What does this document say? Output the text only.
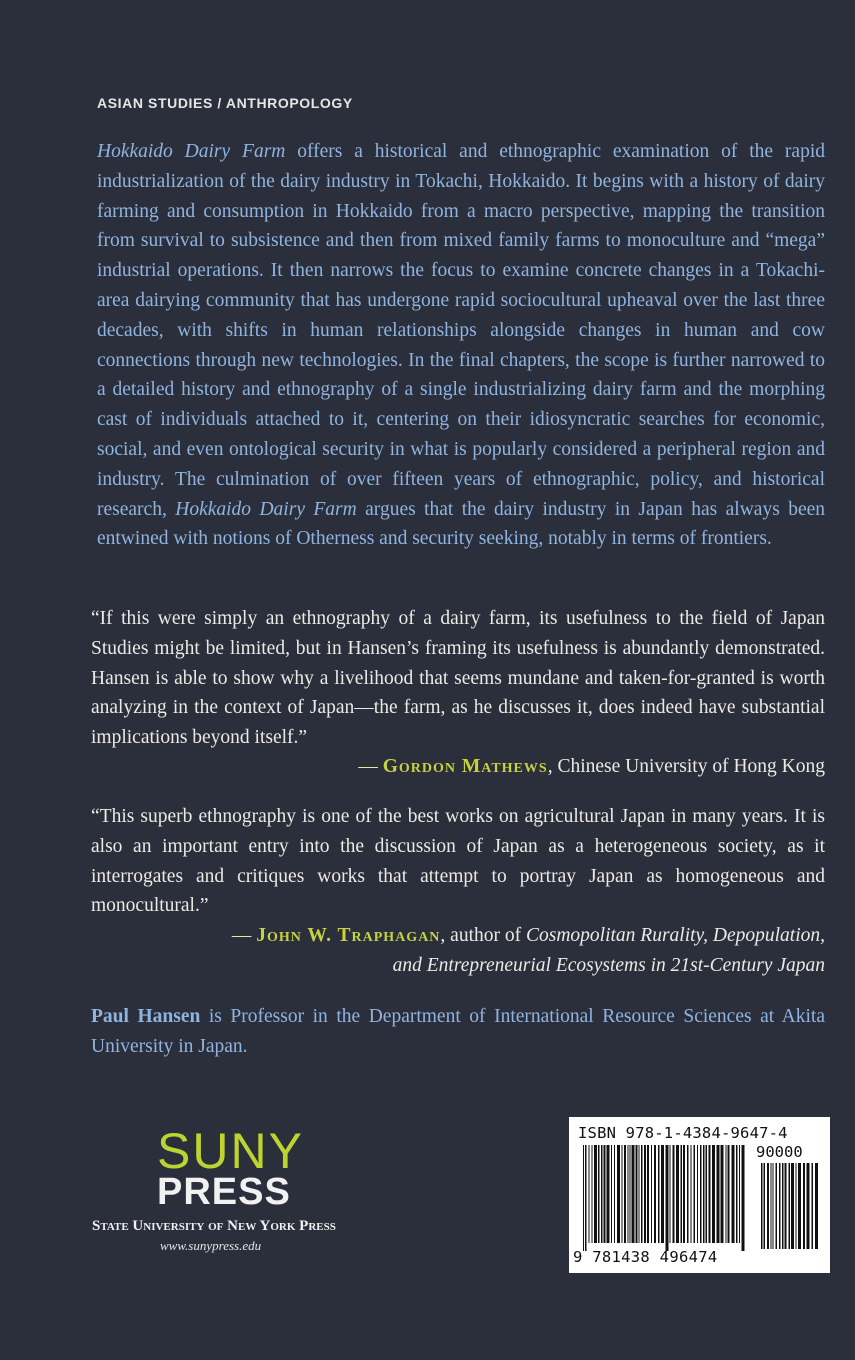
ASIAN STUDIES / ANTHROPOLOGY

Hokkaido Dairy Farm offers a historical and ethnographic examination of the rapid industrialization of the dairy industry in Tokachi, Hokkaido. It begins with a history of dairy farming and consumption in Hokkaido from a macro perspective, mapping the transition from survival to subsistence and then from mixed family farms to monoculture and “mega” industrial operations. It then narrows the focus to examine concrete changes in a Tokachi-area dairying community that has undergone rapid sociocultural upheaval over the last three decades, with shifts in human relationships alongside changes in human and cow connections through new technologies. In the final chapters, the scope is further narrowed to a detailed history and ethnography of a single industrializing dairy farm and the morphing cast of individuals attached to it, centering on their idiosyncratic searches for economic, social, and even ontological security in what is popularly considered a peripheral region and industry. The culmination of over fifteen years of ethnographic, policy, and historical research, Hokkaido Dairy Farm argues that the dairy industry in Japan has always been entwined with notions of Otherness and security seeking, notably in terms of frontiers.

“If this were simply an ethnography of a dairy farm, its usefulness to the field of Japan Studies might be limited, but in Hansen’s framing its usefulness is abundantly demonstrated. Hansen is able to show why a livelihood that seems mundane and taken-for-granted is worth analyzing in the context of Japan—the farm, as he discusses it, does indeed have substantial implications beyond itself.”

— Gordon Mathews, Chinese University of Hong Kong

“This superb ethnography is one of the best works on agricultural Japan in many years. It is also an important entry into the discussion of Japan as a heterogeneous society, as it interrogates and critiques works that attempt to portray Japan as homogeneous and monocultural.”

— John W. Traphagan, author of Cosmopolitan Rurality, Depopulation,
and Entrepreneurial Ecosystems in 21st-Century Japan

Paul Hansen is Professor in the Department of International Resource Sciences at Akita University in Japan.

SUNY
PRESS
State University of New York Press
www.sunypress.edu
ISBN 978-1-4384-9647-4
90000
9 781438 496474
